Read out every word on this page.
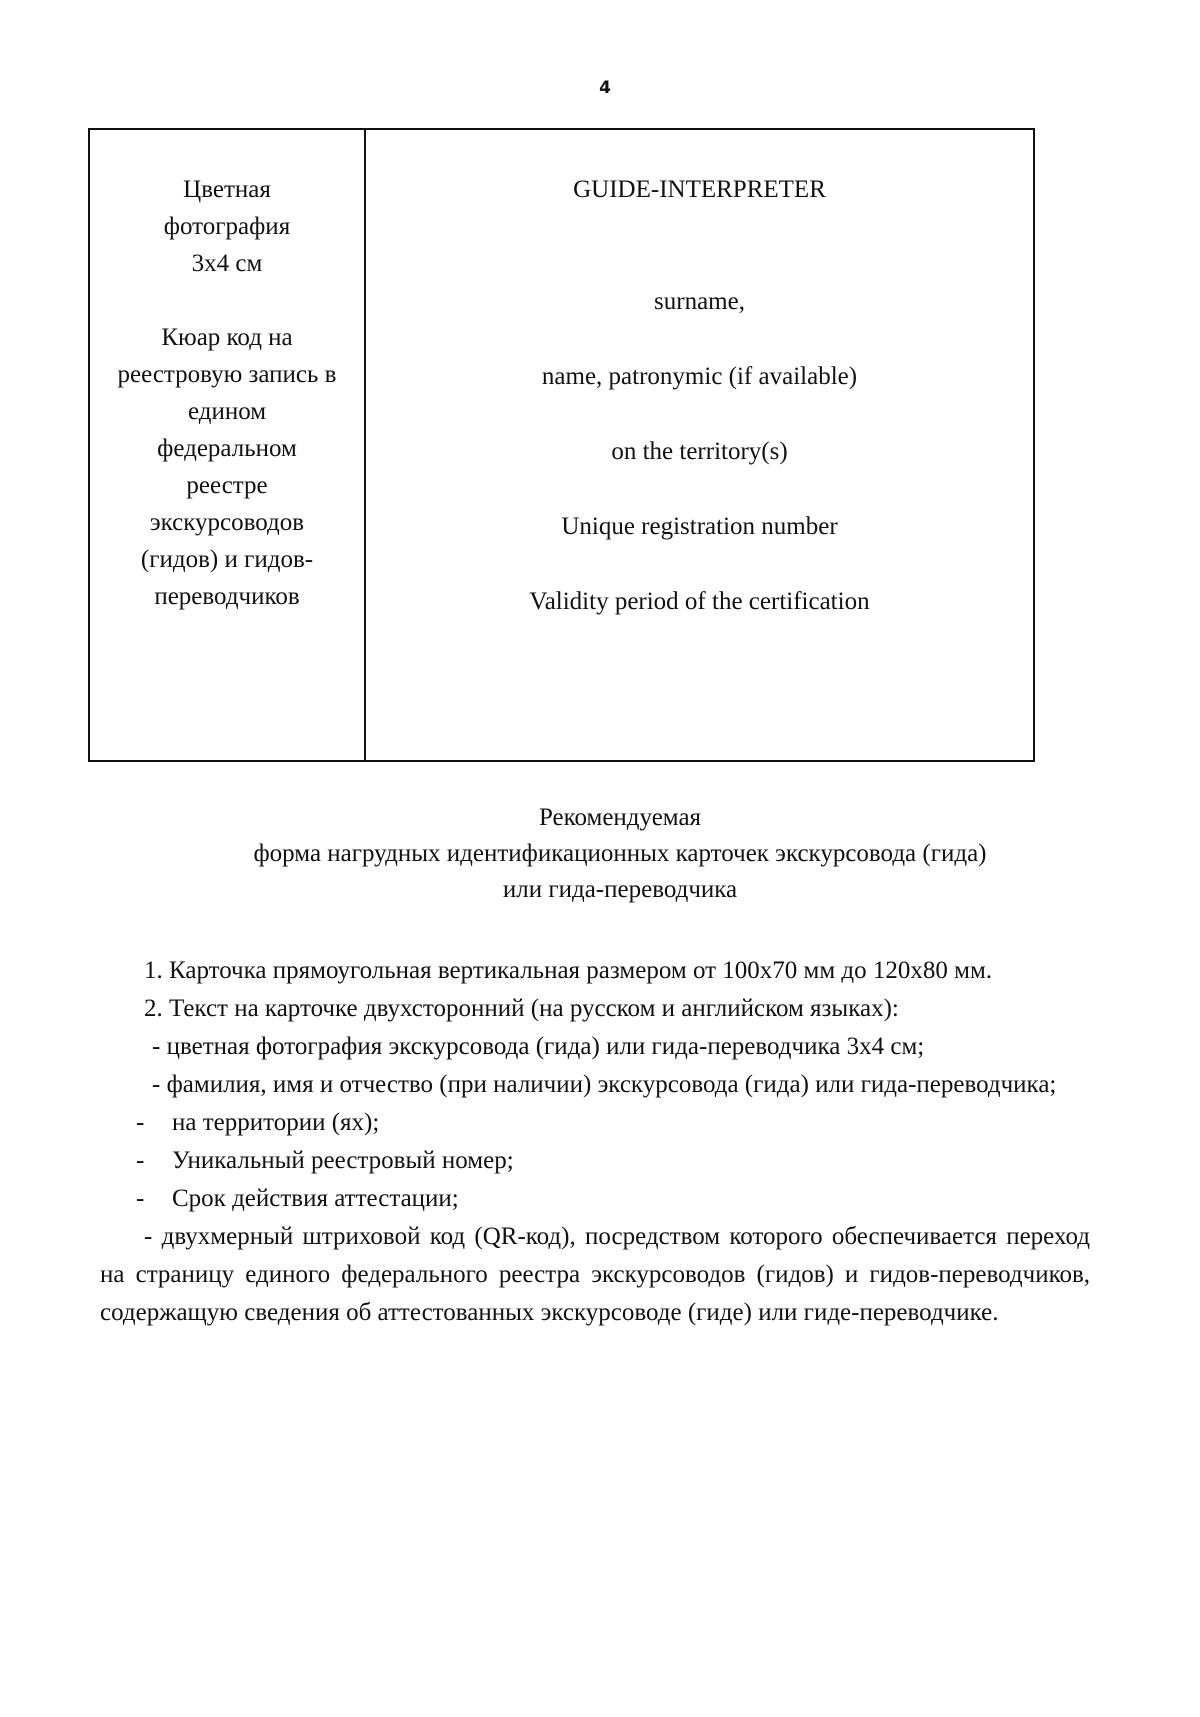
4
Цветная
фотография
3х4 см
Кюар код на
реестровую запись в
едином
федеральном
реестре
экскурсоводов
(гидов) и гидов-
переводчиков

GUIDE-INTERPRETER

surname,

name, patronymic (if available)

on the territory(s)

Unique registration number

Validity period of the certification

Рекомендуемая
форма нагрудных идентификационных карточек экскурсовода (гида)
или гида-переводчика

1. Карточка прямоугольная вертикальная размером от 100х70 мм до 120х80 мм.

2. Текст на карточке двухсторонний (на русском и английском языках):

- цветная фотография экскурсовода (гида) или гида-переводчика 3х4 см;

- фамилия, имя и отчество (при наличии) экскурсовода (гида) или гида-переводчика;

- на территории (ях);

- Уникальный реестровый номер;

- Срок действия аттестации;

- двухмерный штриховой код (QR-код), посредством которого обеспечивается переход на страницу единого федерального реестра экскурсоводов (гидов) и гидов-переводчиков, содержащую сведения об аттестованных экскурсоводе (гиде) или гиде-переводчике.
